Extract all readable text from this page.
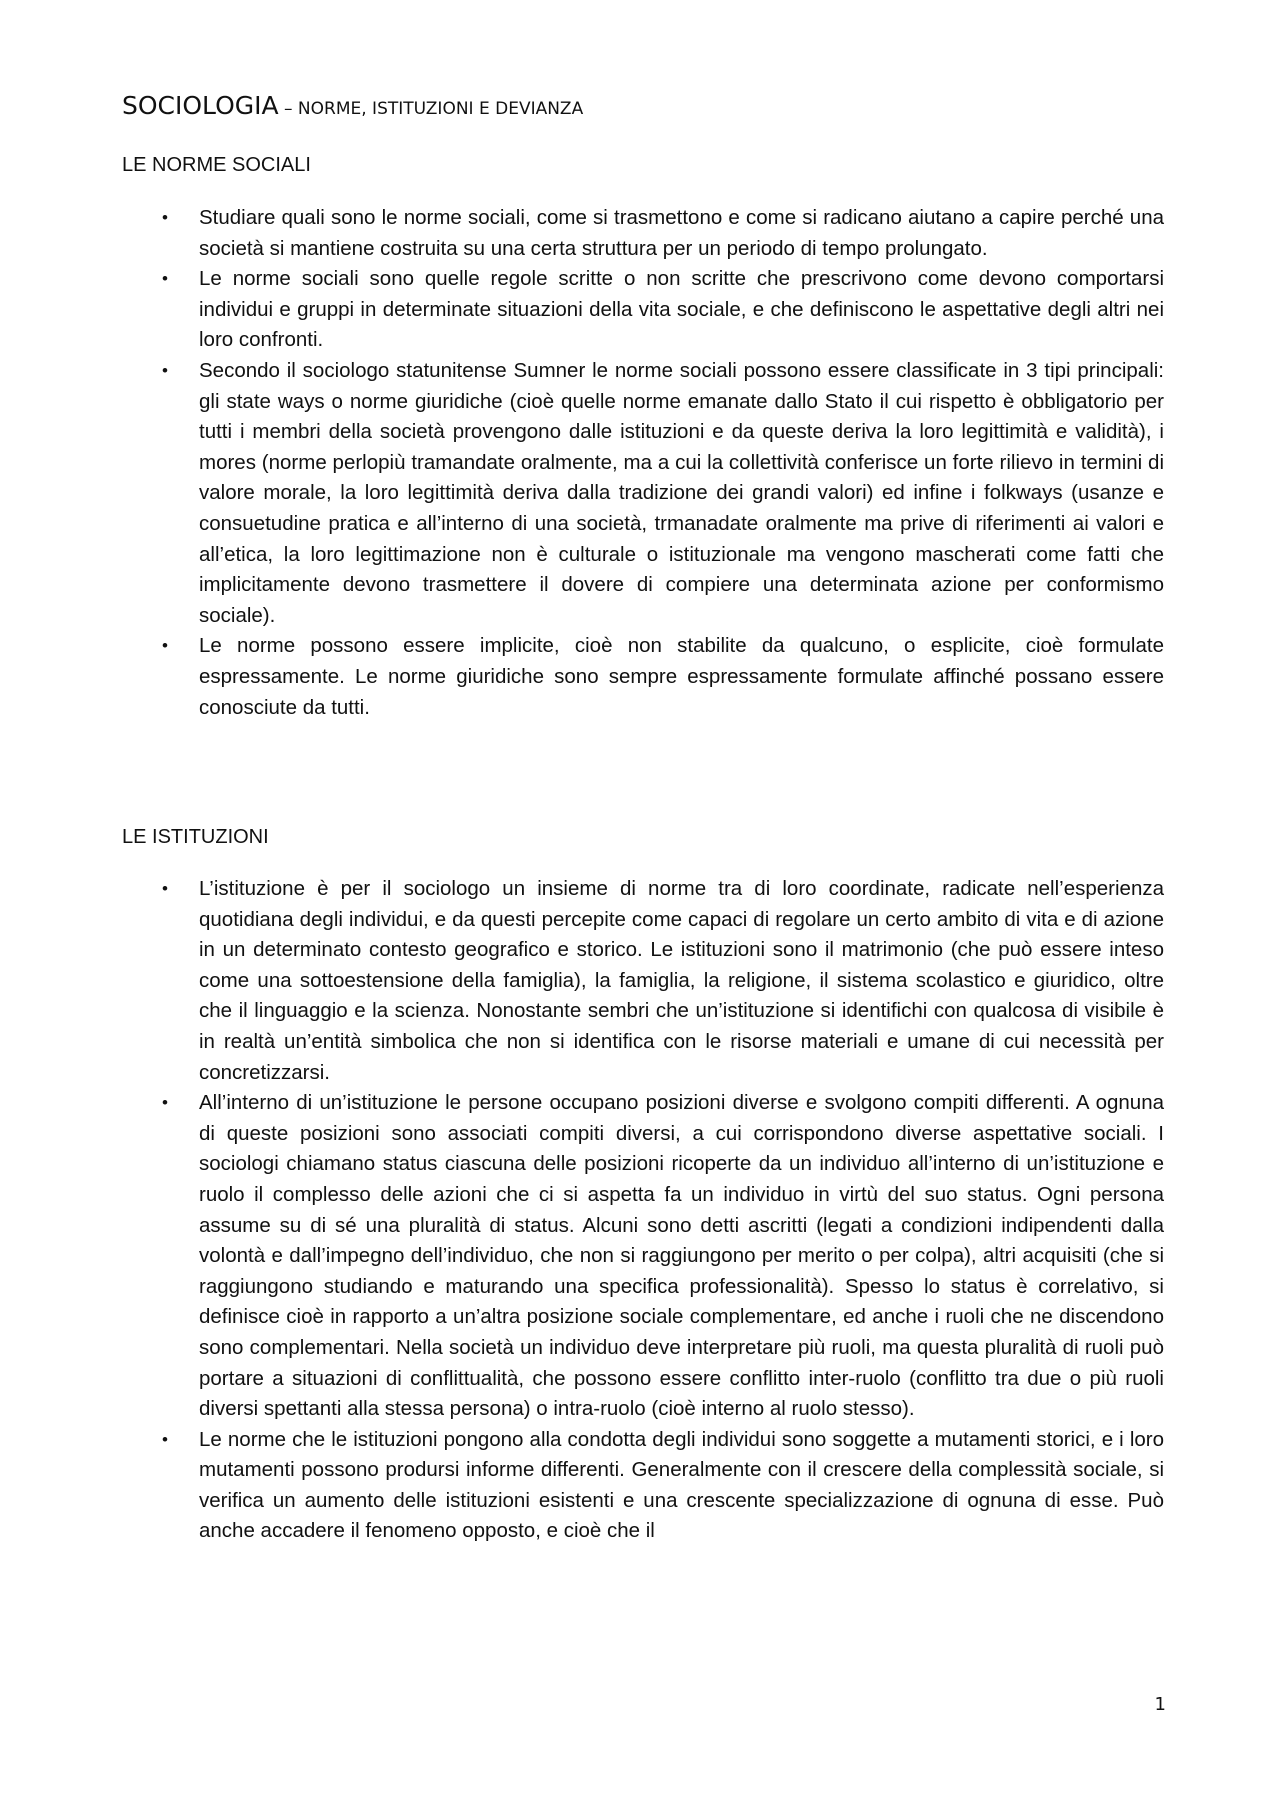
SOCIOLOGIA – NORME, ISTITUZIONI E DEVIANZA
LE NORME SOCIALI
• Studiare quali sono le norme sociali, come si trasmettono e come si radicano aiutano a capire perché una società si mantiene costruita su una certa struttura per un periodo di tempo prolungato.
• Le norme sociali sono quelle regole scritte o non scritte che prescrivono come devono comportarsi individui e gruppi in determinate situazioni della vita sociale, e che definiscono le aspettative degli altri nei loro confronti.
• Secondo il sociologo statunitense Sumner le norme sociali possono essere classificate in 3 tipi principali: gli state ways o norme giuridiche (cioè quelle norme emanate dallo Stato il cui rispetto è obbligatorio per tutti i membri della società provengono dalle istituzioni e da queste deriva la loro legittimità e validità), i mores (norme perlopiù tramandate oralmente, ma a cui la collettività conferisce un forte rilievo in termini di valore morale, la loro legittimità deriva dalla tradizione dei grandi valori) ed infine i folkways (usanze e consuetudine pratica e all’interno di una società, trmanadate oralmente ma prive di riferimenti ai valori e all’etica, la loro legittimazione non è culturale o istituzionale ma vengono mascherati come fatti che implicitamente devono trasmettere il dovere di compiere una determinata azione per conformismo sociale).
• Le norme possono essere implicite, cioè non stabilite da qualcuno, o esplicite, cioè formulate espressamente. Le norme giuridiche sono sempre espressamente formulate affinché possano essere conosciute da tutti.
LE ISTITUZIONI
• L’istituzione è per il sociologo un insieme di norme tra di loro coordinate, radicate nell’esperienza quotidiana degli individui, e da questi percepite come capaci di regolare un certo ambito di vita e di azione in un determinato contesto geografico e storico. Le istituzioni sono il matrimonio (che può essere inteso come una sottoestensione della famiglia), la famiglia, la religione, il sistema scolastico e giuridico, oltre che il linguaggio e la scienza. Nonostante sembri che un’istituzione si identifichi con qualcosa di visibile è in realtà un’entità simbolica che non si identifica con le risorse materiali e umane di cui necessità per concretizzarsi.
• All’interno di un’istituzione le persone occupano posizioni diverse e svolgono compiti differenti. A ognuna di queste posizioni sono associati compiti diversi, a cui corrispondono diverse aspettative sociali. I sociologi chiamano status ciascuna delle posizioni ricoperte da un individuo all’interno di un’istituzione e ruolo il complesso delle azioni che ci si aspetta fa un individuo in virtù del suo status. Ogni persona assume su di sé una pluralità di status. Alcuni sono detti ascritti (legati a condizioni indipendenti dalla volontà e dall’impegno dell’individuo, che non si raggiungono per merito o per colpa), altri acquisiti (che si raggiungono studiando e maturando una specifica professionalità). Spesso lo status è correlativo, si definisce cioè in rapporto a un’altra posizione sociale complementare, ed anche i ruoli che ne discendono sono complementari. Nella società un individuo deve interpretare più ruoli, ma questa pluralità di ruoli può portare a situazioni di conflittualità, che possono essere conflitto inter-ruolo (conflitto tra due o più ruoli diversi spettanti alla stessa persona) o intra-ruolo (cioè interno al ruolo stesso).
• Le norme che le istituzioni pongono alla condotta degli individui sono soggette a mutamenti storici, e i loro mutamenti possono prodursi informe differenti. Generalmente con il crescere della complessità sociale, si verifica un aumento delle istituzioni esistenti e una crescente specializzazione di ognuna di esse. Può anche accadere il fenomeno opposto, e cioè che il
1
